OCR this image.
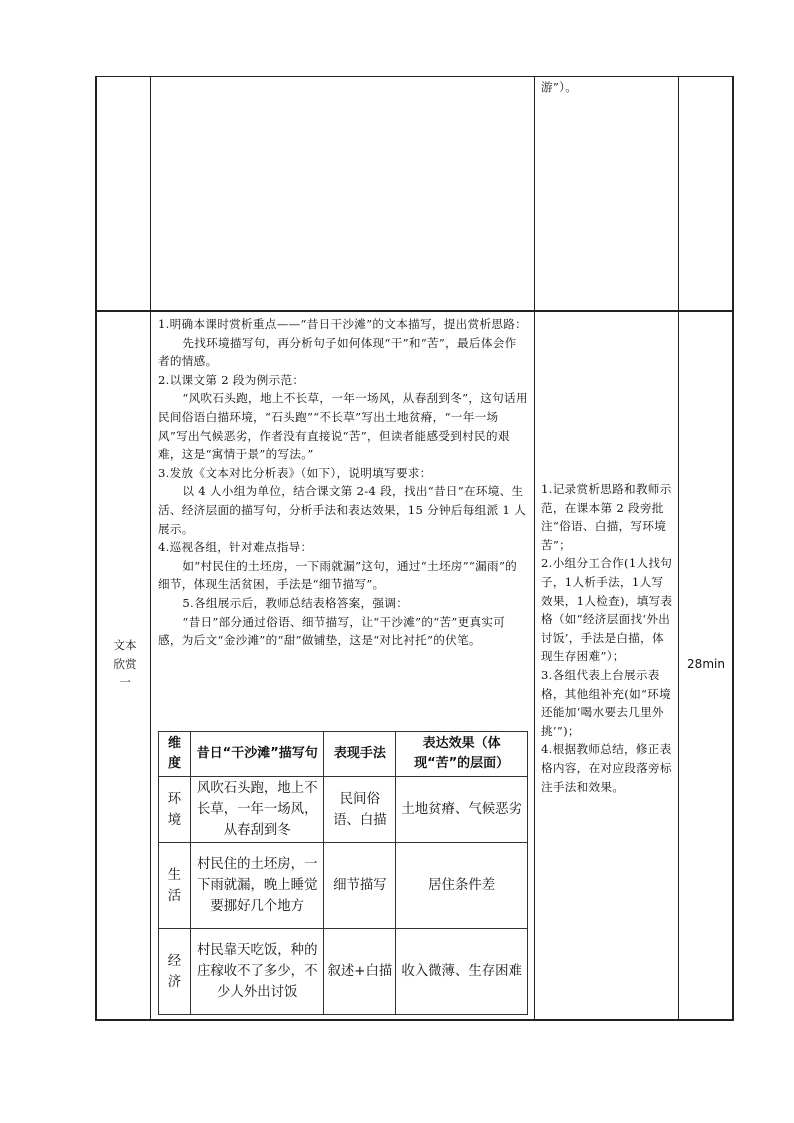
游”）。
文本
欣赏
一

1.明确本课时赏析重点——“昔日干沙滩”的文本描写，提出赏析思路：

先找环境描写句，再分析句子如何体现“干”和“苦”，最后体会作者的情感。

2.以课文第 2 段为例示范：

“风吹石头跑，地上不长草，一年一场风，从春刮到冬”，这句话用民间俗语白描环境，“石头跑”“不长草”写出土地贫瘠，“一年一场风”写出气候恶劣，作者没有直接说“苦”，但读者能感受到村民的艰难，这是“寓情于景”的写法。”

3.发放《文本对比分析表》（如下），说明填写要求：

以 4 人小组为单位，结合课文第 2-4 段，找出“昔日”在环境、生活、经济层面的描写句，分析手法和表达效果，15 分钟后每组派 1 人展示。

4.巡视各组，针对难点指导：

如“村民住的土坯房，一下雨就漏”这句，通过“土坯房”“漏雨”的细节，体现生活贫困，手法是“细节描写”。

5.各组展示后，教师总结表格答案，强调：

“昔日”部分通过俗语、细节描写，让“干沙滩”的“苦”更真实可感，为后文“金沙滩”的“甜”做铺垫，这是“对比衬托”的伏笔。

维度	昔日“干沙滩”描写句	表现手法	表达效果（体现“苦”的层面）
环境	风吹石头跑，地上不长草，一年一场风，从春刮到冬	民间俗语、白描	土地贫瘠、气候恶劣
生活	村民住的土坯房，一下雨就漏，晚上睡觉要挪好几个地方	细节描写	居住条件差
经济	村民靠天吃饭，种的庄稼收不了多少，不少人外出讨饭	叙述+白描	收入微薄、生存困难

1.记录赏析思路和教师示范，在课本第 2 段旁批注“俗语、白描，写环境苦”；

2.小组分工合作(1人找句子，1人析手法，1人写效果，1人检查)，填写表格（如“经济层面找‘外出讨饭’，手法是白描，体现生存困难”）；

3.各组代表上台展示表格，其他组补充(如“环境还能加‘喝水要去几里外挑’”)；

4.根据教师总结，修正表格内容，在对应段落旁标注手法和效果。

28min
